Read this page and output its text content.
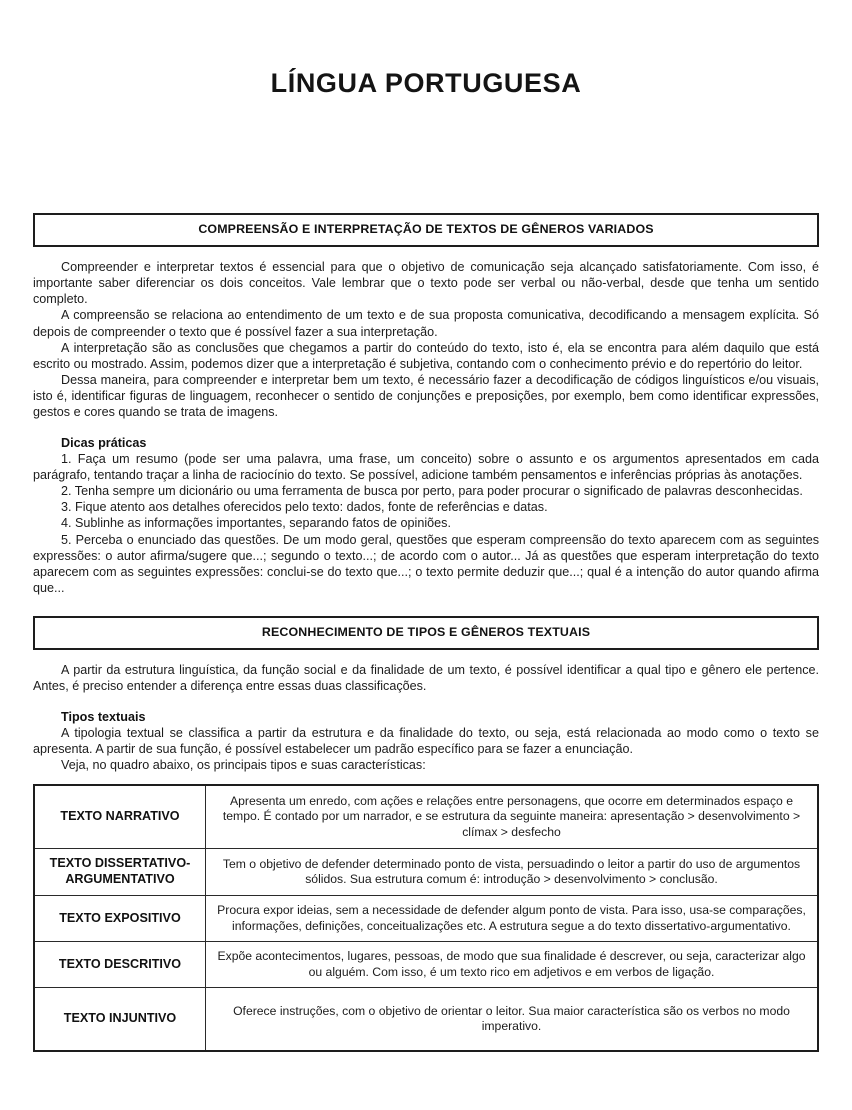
LÍNGUA PORTUGUESA
COMPREENSÃO E INTERPRETAÇÃO DE TEXTOS DE GÊNEROS VARIADOS

Compreender e interpretar textos é essencial para que o objetivo de comunicação seja alcançado satisfatoriamente. Com isso, é importante saber diferenciar os dois conceitos. Vale lembrar que o texto pode ser verbal ou não-verbal, desde que tenha um sentido completo.

A compreensão se relaciona ao entendimento de um texto e de sua proposta comunicativa, decodificando a mensagem explícita. Só depois de compreender o texto que é possível fazer a sua interpretação.

A interpretação são as conclusões que chegamos a partir do conteúdo do texto, isto é, ela se encontra para além daquilo que está escrito ou mostrado. Assim, podemos dizer que a interpretação é subjetiva, contando com o conhecimento prévio e do repertório do leitor.

Dessa maneira, para compreender e interpretar bem um texto, é necessário fazer a decodificação de códigos linguísticos e/ou visuais, isto é, identificar figuras de linguagem, reconhecer o sentido de conjunções e preposições, por exemplo, bem como identificar expressões, gestos e cores quando se trata de imagens.

Dicas práticas

1. Faça um resumo (pode ser uma palavra, uma frase, um conceito) sobre o assunto e os argumentos apresentados em cada parágrafo, tentando traçar a linha de raciocínio do texto. Se possível, adicione também pensamentos e inferências próprias às anotações.

2. Tenha sempre um dicionário ou uma ferramenta de busca por perto, para poder procurar o significado de palavras desconhecidas.

3. Fique atento aos detalhes oferecidos pelo texto: dados, fonte de referências e datas.

4. Sublinhe as informações importantes, separando fatos de opiniões.

5. Perceba o enunciado das questões. De um modo geral, questões que esperam compreensão do texto aparecem com as seguintes expressões: o autor afirma/sugere que...; segundo o texto...; de acordo com o autor... Já as questões que esperam interpretação do texto aparecem com as seguintes expressões: conclui-se do texto que...; o texto permite deduzir que...; qual é a intenção do autor quando afirma que...

RECONHECIMENTO DE TIPOS E GÊNEROS TEXTUAIS

A partir da estrutura linguística, da função social e da finalidade de um texto, é possível identificar a qual tipo e gênero ele pertence. Antes, é preciso entender a diferença entre essas duas classificações.

Tipos textuais

A tipologia textual se classifica a partir da estrutura e da finalidade do texto, ou seja, está relacionada ao modo como o texto se apresenta. A partir de sua função, é possível estabelecer um padrão específico para se fazer a enunciação.

Veja, no quadro abaixo, os principais tipos e suas características:

TEXTO NARRATIVO	Apresenta um enredo, com ações e relações entre personagens, que ocorre em determinados espaço e tempo. É contado por um narrador, e se estrutura da seguinte maneira: apresentação > desenvolvimento > clímax > desfecho
TEXTO DISSERTATIVO-ARGUMENTATIVO	Tem o objetivo de defender determinado ponto de vista, persuadindo o leitor a partir do uso de argumentos sólidos. Sua estrutura comum é: introdução > desenvolvimento > conclusão.
TEXTO EXPOSITIVO	Procura expor ideias, sem a necessidade de defender algum ponto de vista. Para isso, usa-se comparações, informações, definições, conceitualizações etc. A estrutura segue a do texto dissertativo-argumentativo.
TEXTO DESCRITIVO	Expõe acontecimentos, lugares, pessoas, de modo que sua finalidade é descrever, ou seja, caracterizar algo ou alguém. Com isso, é um texto rico em adjetivos e em verbos de ligação.
TEXTO INJUNTIVO	Oferece instruções, com o objetivo de orientar o leitor. Sua maior característica são os verbos no modo imperativo.
